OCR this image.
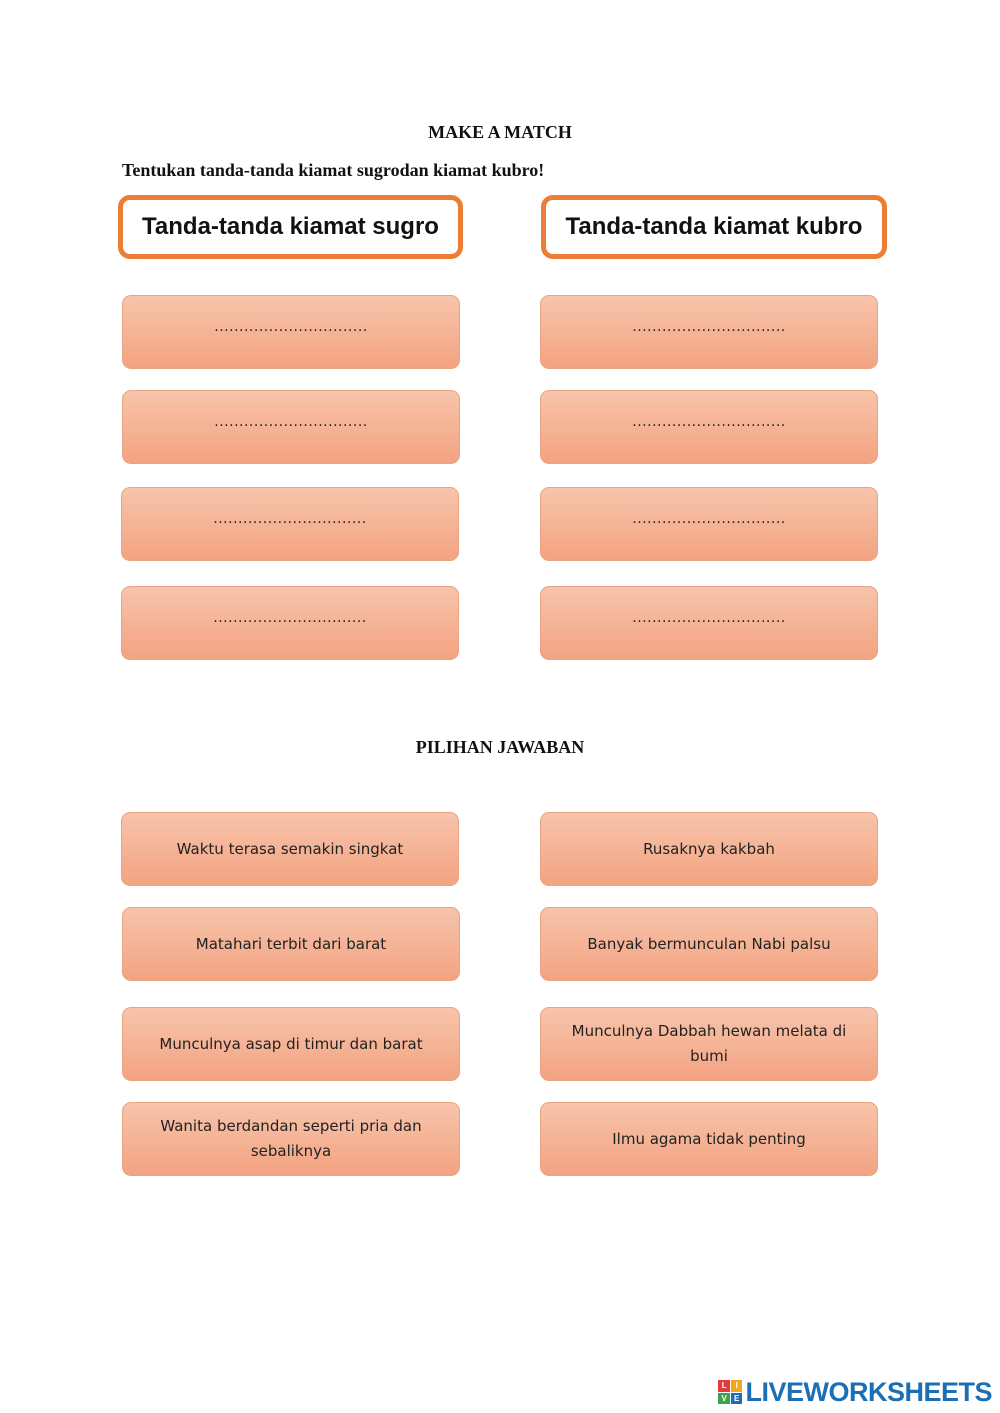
MAKE A MATCH
Tentukan tanda-tanda kiamat sugrodan kiamat kubro!
Tanda-tanda kiamat sugro	Tanda-tanda kiamat kubro
...............................
...............................
...............................
...............................
...............................
...............................
...............................
...............................
PILIHAN JAWABAN
Waktu terasa semakin singkat
Matahari terbit dari barat
Munculnya asap di timur dan barat
Wanita berdandan seperti pria dan sebaliknya
Rusaknya kakbah
Banyak bermunculan Nabi palsu
Munculnya Dabbah hewan melata di bumi
Ilmu agama tidak penting
L	I
V E LIVEWORKSHEETS
